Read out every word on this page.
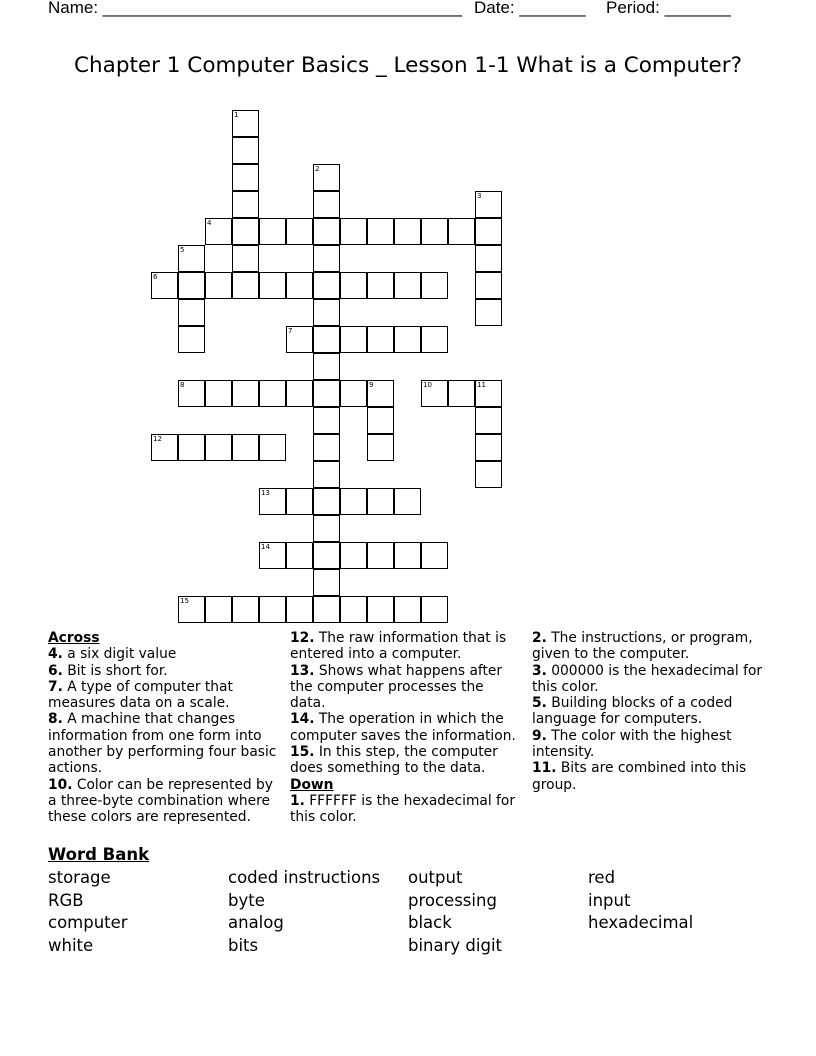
Name: ______________________________________ Date: _______ Period: _______
Chapter 1 Computer Basics _ Lesson 1-1 What is a Computer?
1
2
3
4
5
6
7
8	9	10	11
12
13
14
15

Across

4. a six digit value

6. Bit is short for.

7. A type of computer that measures data on a scale.

8. A machine that changes information from one form into another by performing four basic actions.

10. Color can be represented by a three-byte combination where these colors are represented.

12. The raw information that is entered into a computer.

13. Shows what happens after the computer processes the data.

14. The operation in which the computer saves the information.

15. In this step, the computer does something to the data.

Down

1. FFFFFF is the hexadecimal for this color.

2. The instructions, or program, given to the computer.

3. 000000 is the hexadecimal for this color.

5. Building blocks of a coded language for computers.

9. The color with the highest intensity.

11. Bits are combined into this group.

Word Bank
storage	coded instructions output	red
RGB	byte	processing	input
computer	analog	black	hexadecimal
white	bits	binary digit
